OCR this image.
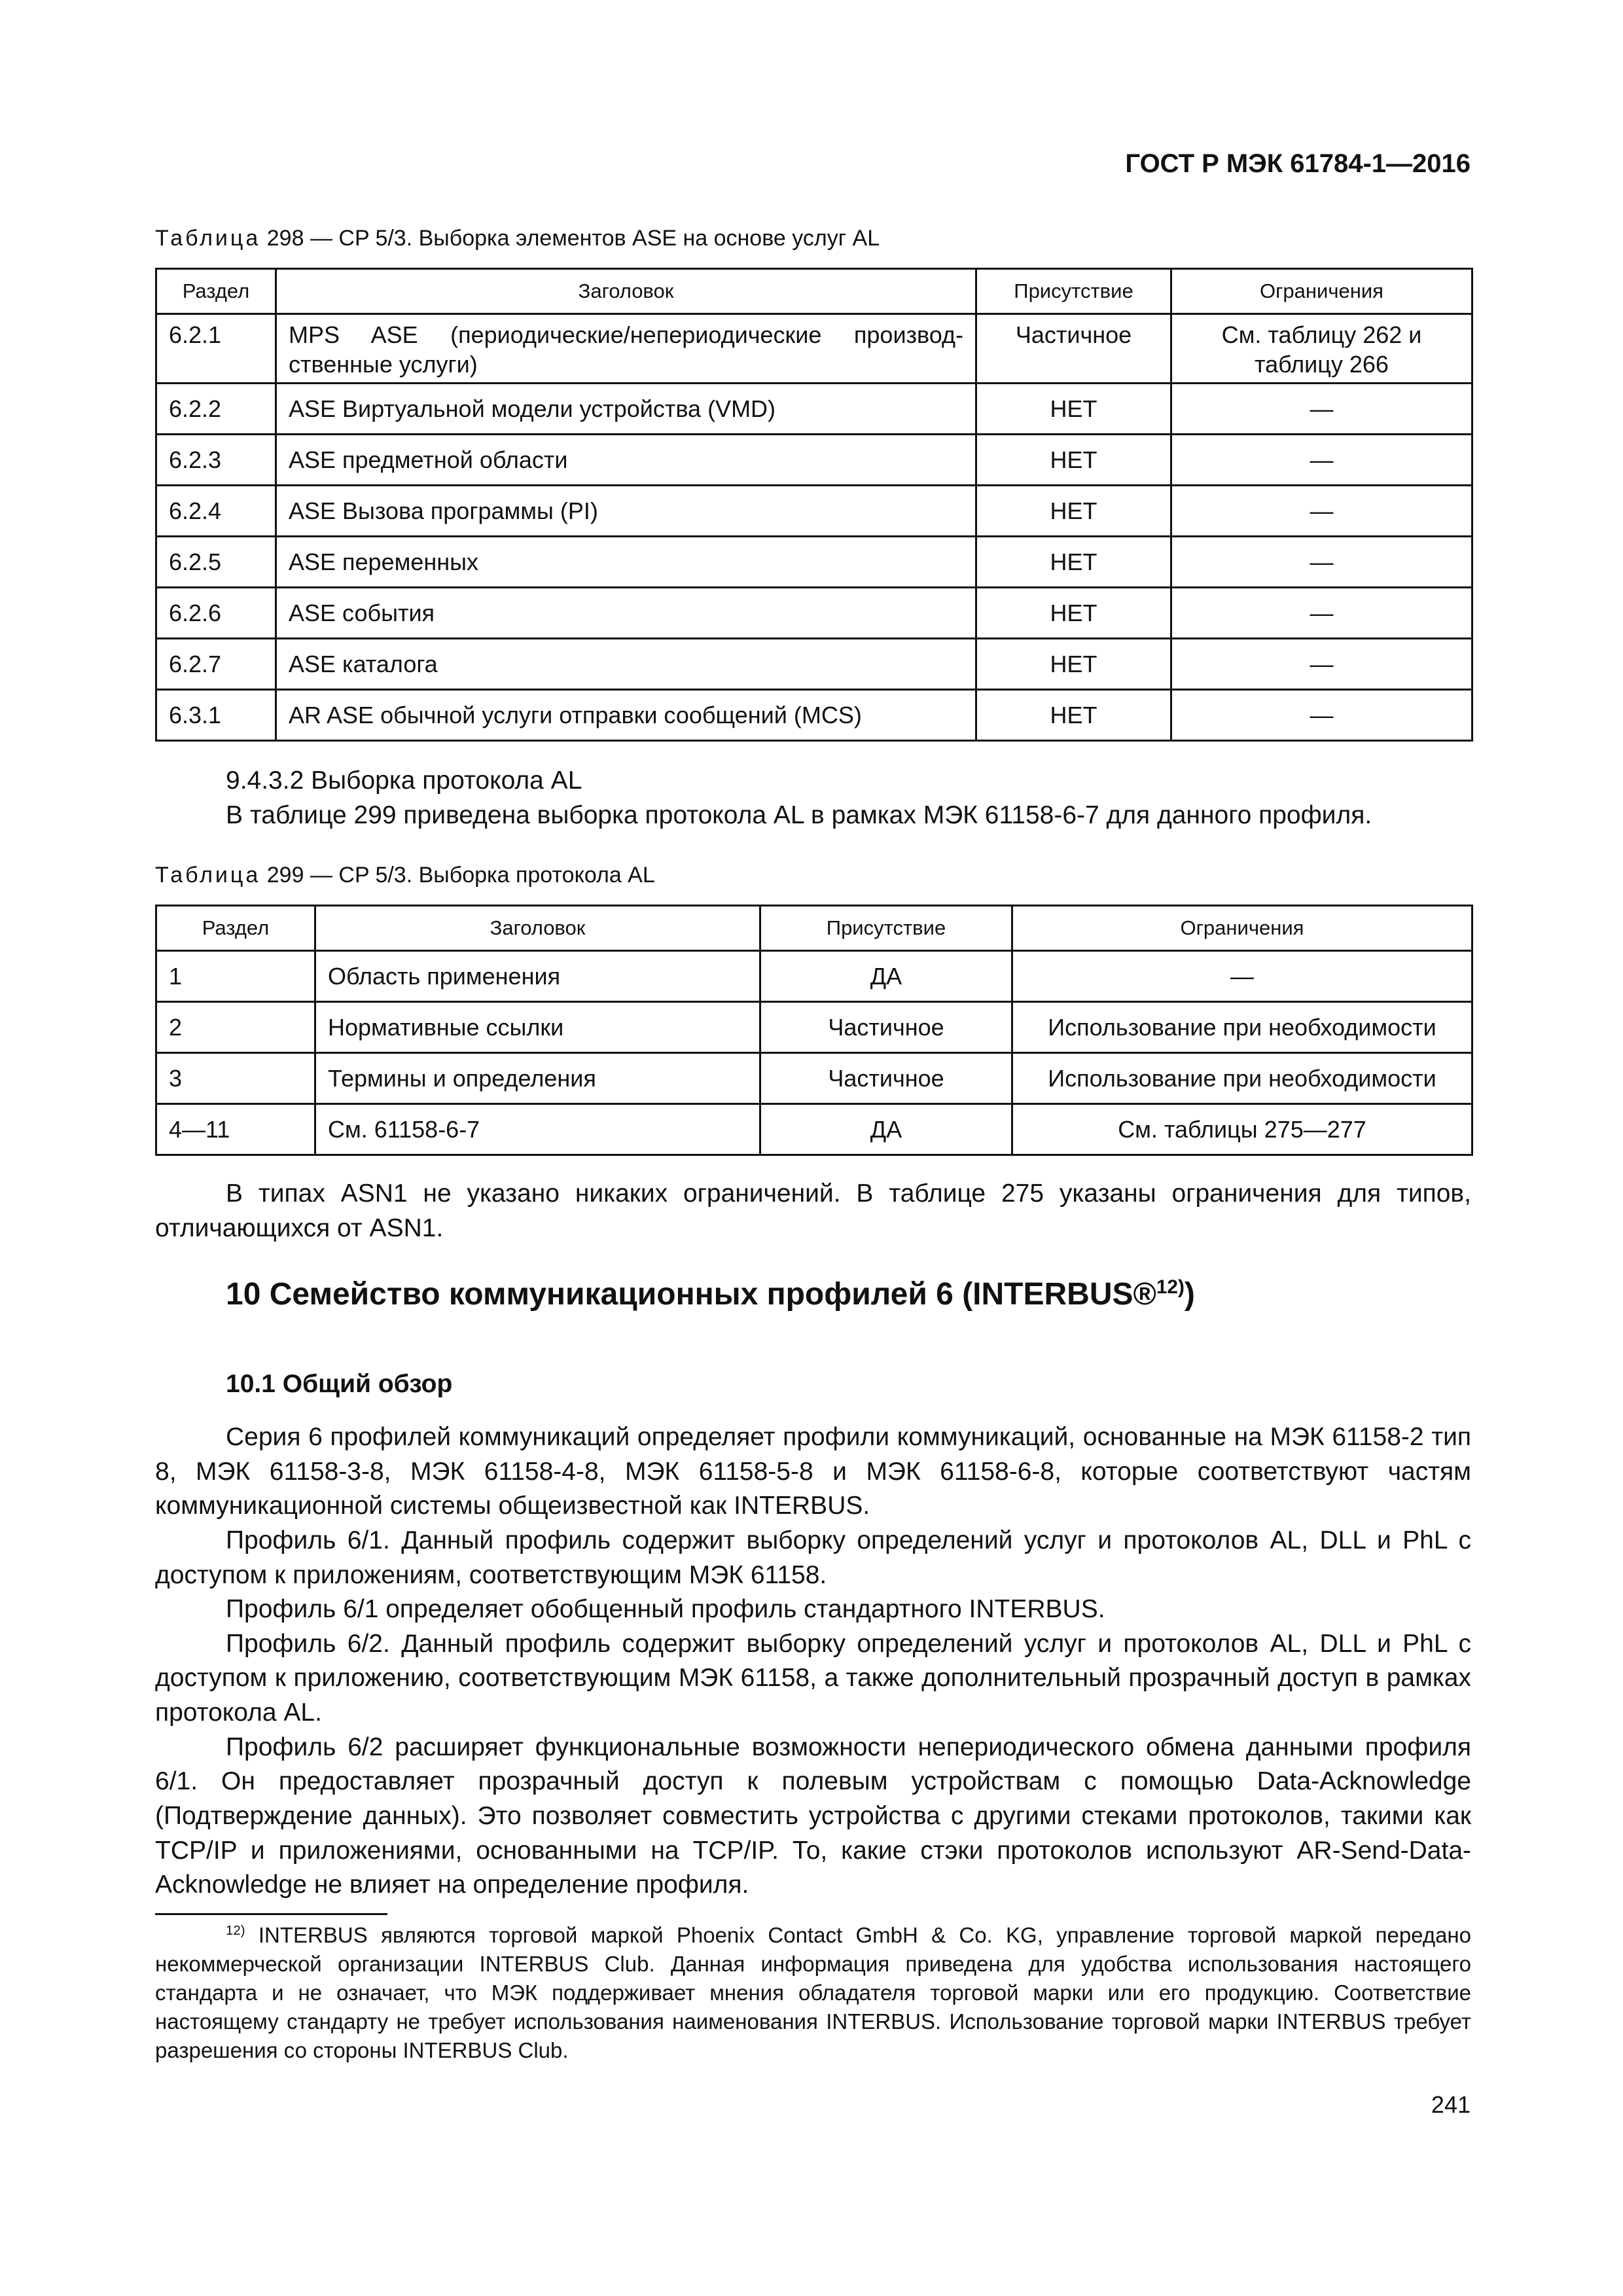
ГОСТ Р МЭК 61784-1—2016
Таблица 298 — CP 5/3. Выборка элементов ASE на основе услуг AL
Раздел	Заголовок	Присутствие	Ограничения
6.2.1	MPS ASE (периодические/непериодические производ-ственные услуги)	Частичное	См. таблицу 262 и таблицу 266
6.2.2	ASE Виртуальной модели устройства (VMD)	НЕТ	—
6.2.3	ASE предметной области	НЕТ	—
6.2.4	ASE Вызова программы (PI)	НЕТ	—
6.2.5	ASE переменных	НЕТ	—
6.2.6	ASE события	НЕТ	—
6.2.7	ASE каталога	НЕТ	—
6.3.1	AR ASE обычной услуги отправки сообщений (MCS)	НЕТ	—
9.4.3.2 Выборка протокола AL
В таблице 299 приведена выборка протокола AL в рамках МЭК 61158-6-7 для данного профиля.
Таблица 299 — CP 5/3. Выборка протокола AL
Раздел	Заголовок	Присутствие	Ограничения
1	Область применения	ДА	—
2	Нормативные ссылки	Частичное	Использование при необходимости
3	Термины и определения	Частичное	Использование при необходимости
4—11	См. 61158-6-7	ДА	См. таблицы 275—277

В типах ASN1 не указано никаких ограничений. В таблице 275 указаны ограничения для типов, отличающихся от ASN1.

10 Семейство коммуникационных профилей 6 (INTERBUS®$^{12)}$)
10.1 Общий обзор

Серия 6 профилей коммуникаций определяет профили коммуникаций, основанные на МЭК 61158-2 тип 8, МЭК 61158-3-8, МЭК 61158-4-8, МЭК 61158-5-8 и МЭК 61158-6-8, которые соответствуют частям коммуникационной системы общеизвестной как INTERBUS.

Профиль 6/1. Данный профиль содержит выборку определений услуг и протоколов AL, DLL и PhL с доступом к приложениям, соответствующим МЭК 61158.

Профиль 6/1 определяет обобщенный профиль стандартного INTERBUS.

Профиль 6/2. Данный профиль содержит выборку определений услуг и протоколов AL, DLL и PhL с доступом к приложению, соответствующим МЭК 61158, а также дополнительный прозрачный доступ в рамках протокола AL.

Профиль 6/2 расширяет функциональные возможности непериодического обмена данными профиля 6/1. Он предоставляет прозрачный доступ к полевым устройствам с помощью Data-Acknowledge (Подтверждение данных). Это позволяет совместить устройства с другими стеками протоколов, такими как TCP/IP и приложениями, основанными на TCP/IP. То, какие стэки протоколов используют AR-Send-Data-Acknowledge не влияет на определение профиля.

$^{12)}$ INTERBUS являются торговой маркой Phoenix Contact GmbH & Co. KG, управление торговой маркой передано некоммерческой организации INTERBUS Club. Данная информация приведена для удобства использования настоящего стандарта и не означает, что МЭК поддерживает мнения обладателя торговой марки или его продукцию. Соответствие настоящему стандарту не требует использования наименования INTERBUS. Использование торговой марки INTERBUS требует разрешения со стороны INTERBUS Club.

241
